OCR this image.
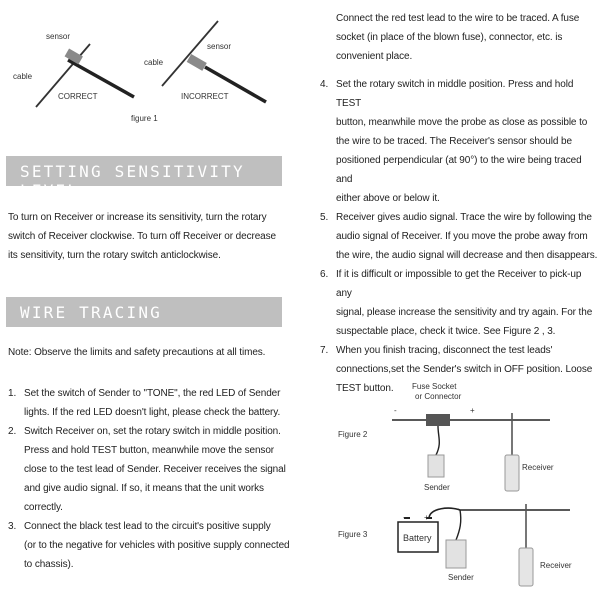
sensor
cable
CORRECT
cable
sensor
INCORRECT
figure 1
SETTING SENSITIVITY LEVEL
To turn on Receiver or increase its sensitivity, turn the rotary
switch of Receiver clockwise. To turn off Receiver or decrease
its sensitivity, turn the rotary switch anticlockwise.
WIRE TRACING
Note: Observe the limits and safety precautions at all times.
1. Set the switch of Sender to "TONE", the red LED of Sender
lights. If the red LED doesn't light, please check the battery.
2. Switch Receiver on, set the rotary switch in middle position.
Press and hold TEST button, meanwhile move the sensor
close to the test lead of Sender. Receiver receives the signal
and give audio signal. If so, it means that the unit works
correctly.
3. Connect the black test lead to the circuit's positive supply
(or to the negative for vehicles with positive supply connected
to chassis).
Connect the red test lead to the wire to be traced. A fuse
socket (in place of the blown fuse), connector, etc. is
convenient place.
4. Set the rotary switch in middle position. Press and hold TEST
button, meanwhile move the probe as close as possible to
the wire to be traced. The Receiver's sensor should be
positioned perpendicular (at 90°) to the wire being traced and
either above or below it.
5. Receiver gives audio signal. Trace the wire by following the
audio signal of Receiver. If you move the probe away from
the wire, the audio signal will decrease and then disappears.
6. If it is difficult or impossible to get the Receiver to pick-up any
signal, please increase the sensitivity and try again. For the
suspectable place, check it twice. See Figure 2 , 3.
7. When you finish tracing, disconnect the test leads'
connections,set the Sender's switch in OFF position. Loose
TEST button.	Fuse Socket
or Connector
Figure 2
-	+
Receiver
Sender
- +
Battery
Figure 3
Receiver
Sender
